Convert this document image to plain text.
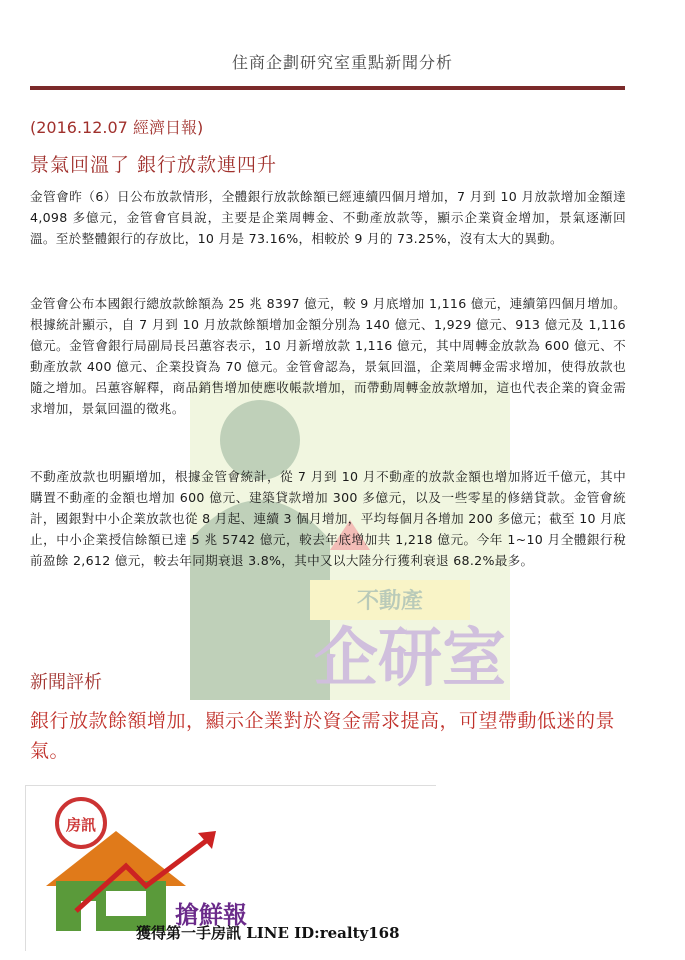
不動產
企研室
住商企劃研究室重點新聞分析
(2016.12.07 經濟日報)
景氣回溫了 銀行放款連四升
金管會昨（6）日公布放款情形，全體銀行放款餘額已經連續四個月增加，7 月到 10 月放款增加金額達 4,098 多億元，金管會官員說，主要是企業周轉金、不動產放款等，顯示企業資金增加，景氣逐漸回溫。至於整體銀行的存放比，10 月是 73.16%，相較於 9 月的 73.25%，沒有太大的異動。
金管會公布本國銀行總放款餘額為 25 兆 8397 億元，較 9 月底增加 1,116 億元，連續第四個月增加。根據統計顯示，自 7 月到 10 月放款餘額增加金額分別為 140 億元、1,929 億元、913 億元及 1,116 億元。金管會銀行局副局長呂蕙容表示，10 月新增放款 1,116 億元，其中周轉金放款為 600 億元、不動產放款 400 億元、企業投資為 70 億元。金管會認為，景氣回溫，企業周轉金需求增加，使得放款也隨之增加。呂蕙容解釋，商品銷售增加使應收帳款增加，而帶動周轉金放款增加，這也代表企業的資金需求增加，景氣回溫的徵兆。
不動產放款也明顯增加，根據金管會統計，從 7 月到 10 月不動產的放款金額也增加將近千億元，其中購置不動產的金額也增加 600 億元、建築貸款增加 300 多億元，以及一些零星的修繕貸款。金管會統計，國銀對中小企業放款也從 8 月起、連續 3 個月增加，平均每個月各增加 200 多億元；截至 10 月底止，中小企業授信餘額已達 5 兆 5742 億元，較去年底增加共 1,218 億元。今年 1~10 月全體銀行稅前盈餘 2,612 億元，較去年同期衰退 3.8%，其中又以大陸分行獲利衰退 68.2%最多。
新聞評析
銀行放款餘額增加，顯示企業對於資金需求提高，可望帶動低迷的景氣。
房訊
搶鮮報
獲得第一手房訊 LINE ID:realty168
